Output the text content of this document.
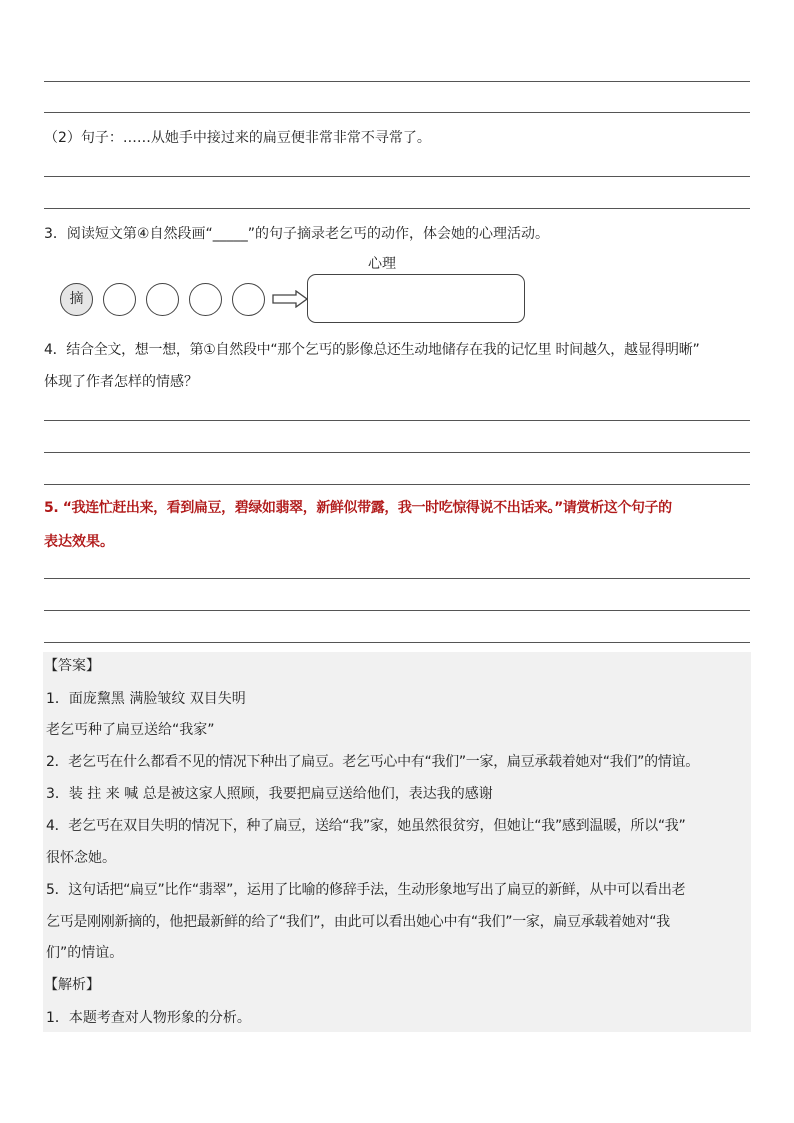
（2）句子：……从她手中接过来的扁豆便非常非常不寻常了。
3．阅读短文第④自然段画“_____”的句子摘录老乞丐的动作，体会她的心理活动。
摘
心理
4．结合全文，想一想，第①自然段中“那个乞丐的影像总还生动地储存在我的记忆里 时间越久，越显得明晰”
体现了作者怎样的情感？
5. “我连忙赶出来，看到扁豆，碧绿如翡翠，新鲜似带露，我一时吃惊得说不出话来。”请赏析这个句子的
表达效果。
【答案】
1．面庞黧黑 满脸皱纹 双目失明
老乞丐种了扁豆送给“我家”
2．老乞丐在什么都看不见的情况下种出了扁豆。老乞丐心中有“我们”一家，扁豆承载着她对“我们”的情谊。
3．装 拄 来 喊 总是被这家人照顾，我要把扁豆送给他们，表达我的感谢
4．老乞丐在双目失明的情况下，种了扁豆，送给“我”家，她虽然很贫穷，但她让“我”感到温暖，所以“我”
很怀念她。
5．这句话把“扁豆”比作“翡翠”，运用了比喻的修辞手法，生动形象地写出了扁豆的新鲜，从中可以看出老
乞丐是刚刚新摘的，他把最新鲜的给了“我们”，由此可以看出她心中有“我们”一家，扁豆承载着她对“我
们”的情谊。
【解析】
1．本题考查对人物形象的分析。
